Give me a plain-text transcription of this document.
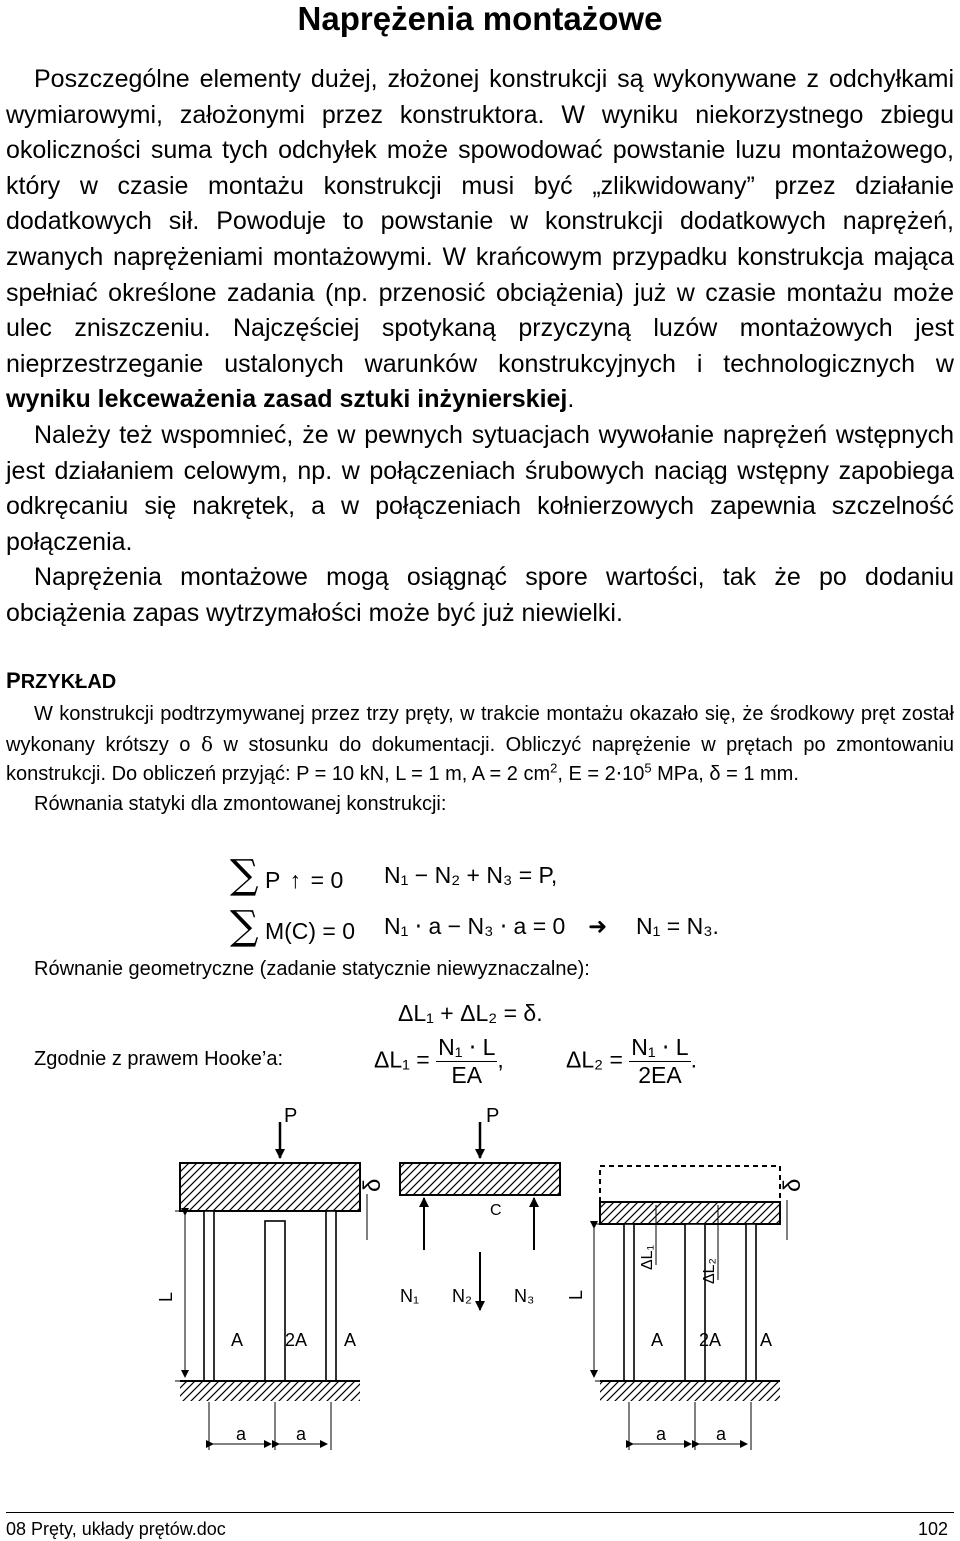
Naprężenia montażowe

Poszczególne elementy dużej, złożonej konstrukcji są wykonywane z odchyłkami wymiarowymi, założonymi przez konstruktora. W wyniku niekorzystnego zbiegu okoliczności suma tych odchyłek może spowodować powstanie luzu montażowego, który w czasie montażu konstrukcji musi być „zlikwidowany” przez działanie dodatkowych sił. Powoduje to powstanie w konstrukcji dodatkowych naprężeń, zwanych naprężeniami montażowymi. W krańcowym przypadku konstrukcja mająca spełniać określone zadania (np. przenosić obciążenia) już w czasie montażu może ulec zniszczeniu. Najczęściej spotykaną przyczyną luzów montażowych jest nieprzestrzeganie ustalonych warunków konstrukcyjnych i technologicznych w wyniku lekceważenia zasad sztuki inżynierskiej.

Należy też wspomnieć, że w pewnych sytuacjach wywołanie naprężeń wstępnych jest działaniem celowym, np. w połączeniach śrubowych naciąg wstępny zapobiega odkręcaniu się nakrętek, a w połączeniach kołnierzowych zapewnia szczelność połączenia.

Naprężenia montażowe mogą osiągnąć spore wartości, tak że po dodaniu obciążenia zapas wytrzymałości może być już niewielki.

PRZYKŁAD

W konstrukcji podtrzymywanej przez trzy pręty, w trakcie montażu okazało się, że środkowy pręt został wykonany krótszy o δ w stosunku do dokumentacji. Obliczyć naprężenie w prętach po zmontowaniu konstrukcji. Do obliczeń przyjąć: P = 10 kN, L = 1 m, A = 2 $cm^2$, $E = 2\cdot 10^5$ MPa, δ = 1 mm.

Równania statyki dla zmontowanej konstrukcji:

∑ P ↑ = 0 N₁ − N₂ + N₃ = P,
∑ M(C) = 0 N₁ ⋅ a − N₃ ⋅ a = 0 ➜ N₁ = N₃.
Równanie geometryczne (zadanie statycznie niewyznaczalne):
ΔL₁ + ΔL₂ = δ.
Zgodnie z prawem Hooke’a:	$\Delta L_1 = \frac{\text{N₁ ⋅ L}}{EA}$ ,	$\Delta L_2 = \frac{\text{N₁ ⋅ L}}{2EA}$ .
P
δ
L
A 2A A
a	a
P
C
N₁ N₂ N₃
δ
L
ΔL₁
ΔL₂
A 2A A
a	a
08 Pręty, układy prętów.doc	102
